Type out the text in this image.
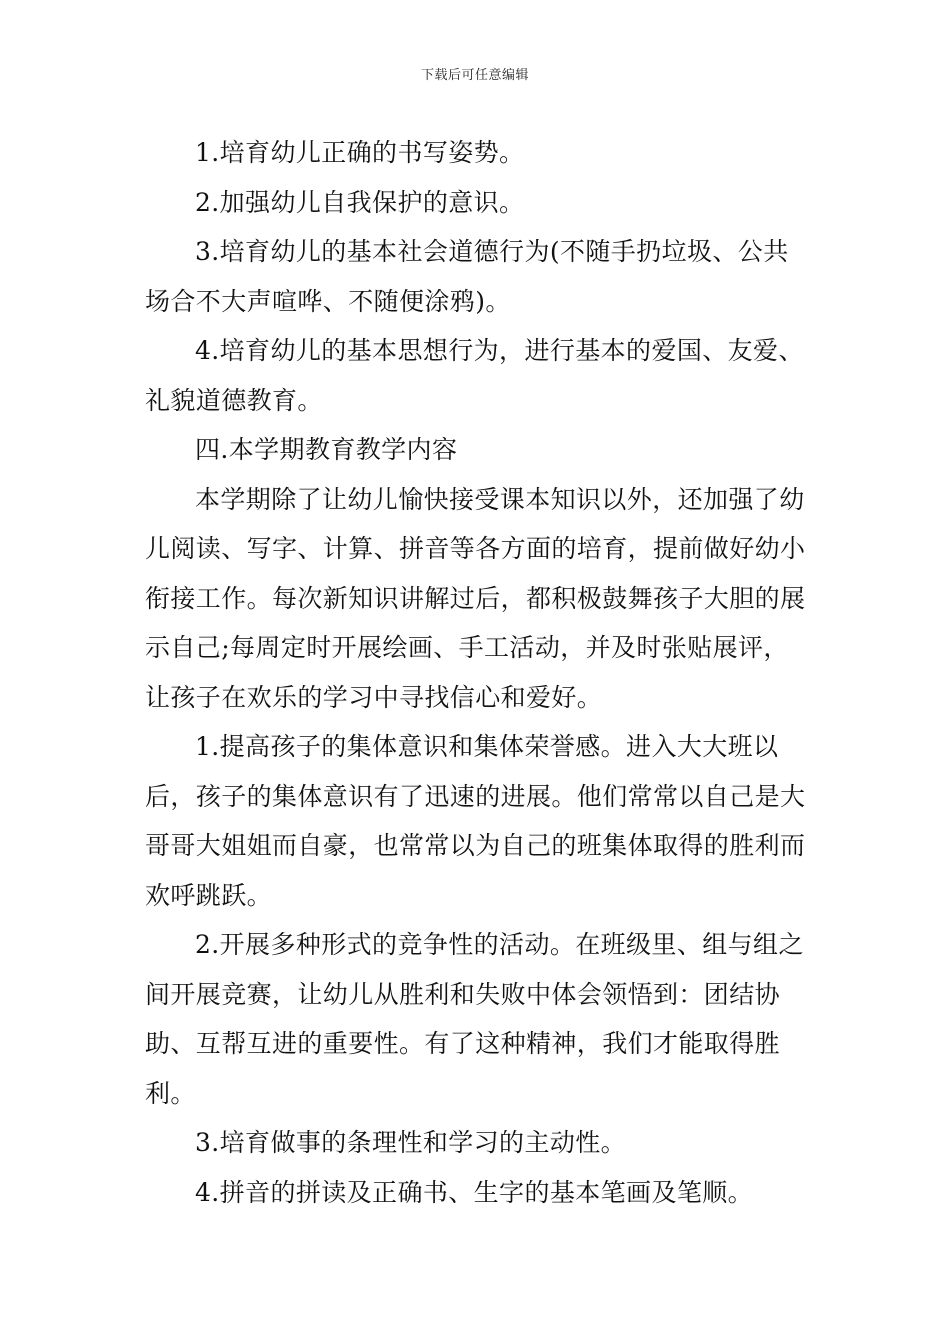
下载后可任意编辑

1.培育幼儿正确的书写姿势。

2.加强幼儿自我保护的意识。

3.培育幼儿的基本社会道德行为(不随手扔垃圾、公共场合不大声喧哗、不随便涂鸦)。

4.培育幼儿的基本思想行为，进行基本的爱国、友爱、礼貌道德教育。

四.本学期教育教学内容

本学期除了让幼儿愉快接受课本知识以外，还加强了幼儿阅读、写字、计算、拼音等各方面的培育，提前做好幼小衔接工作。每次新知识讲解过后，都积极鼓舞孩子大胆的展示自己;每周定时开展绘画、手工活动，并及时张贴展评，让孩子在欢乐的学习中寻找信心和爱好。

1.提高孩子的集体意识和集体荣誉感。进入大大班以后，孩子的集体意识有了迅速的进展。他们常常以自己是大哥哥大姐姐而自豪，也常常以为自己的班集体取得的胜利而欢呼跳跃。

2.开展多种形式的竞争性的活动。在班级里、组与组之间开展竞赛，让幼儿从胜利和失败中体会领悟到：团结协助、互帮互进的重要性。有了这种精神，我们才能取得胜利。

3.培育做事的条理性和学习的主动性。

4.拼音的拼读及正确书、生字的基本笔画及笔顺。
